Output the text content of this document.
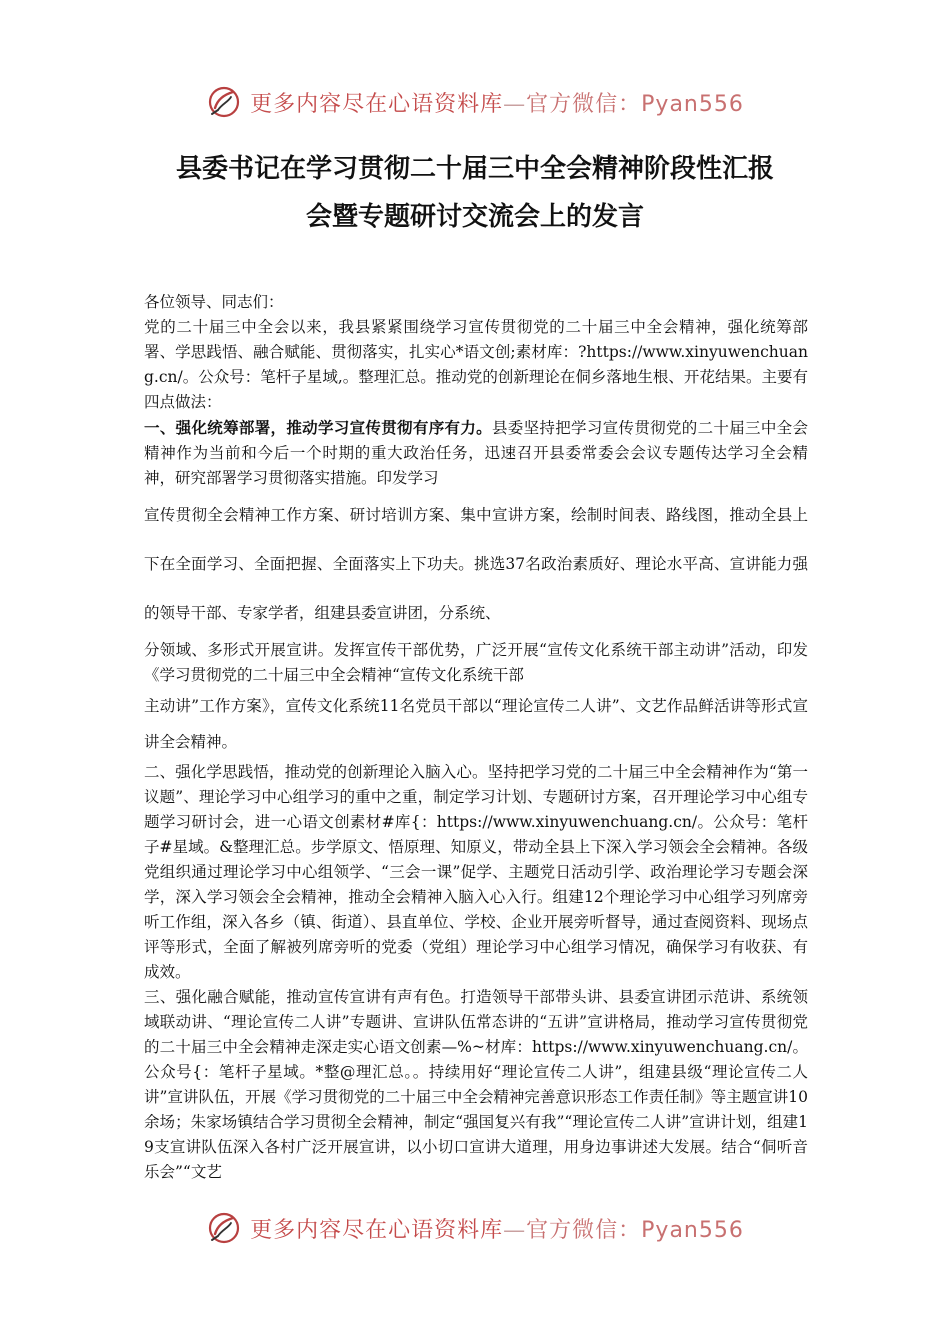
更多内容尽在心语资料库—官方微信：Pyan556
县委书记在学习贯彻二十届三中全会精神阶段性汇报
会暨专题研讨交流会上的发言

各位领导、同志们：

党的二十届三中全会以来，我县紧紧围绕学习宣传贯彻党的二十届三中全会精神，强化统筹部署、学思践悟、融合赋能、贯彻落实，扎实心*语文创;素材库：?https://www.xinyuwenchuang.cn/。公众号：笔杆子星域,。整理汇总。推动党的创新理论在侗乡落地生根、开花结果。主要有四点做法：

一、强化统筹部署，推动学习宣传贯彻有序有力。县委坚持把学习宣传贯彻党的二十届三中全会精神作为当前和今后一个时期的重大政治任务，迅速召开县委常委会会议专题传达学习全会精神，研究部署学习贯彻落实措施。印发学习

宣传贯彻全会精神工作方案、研讨培训方案、集中宣讲方案，绘制时间表、路线图，推动全县上下在全面学习、全面把握、全面落实上下功夫。挑选37名政治素质好、理论水平高、宣讲能力强的领导干部、专家学者，组建县委宣讲团，分系统、

分领域、多形式开展宣讲。发挥宣传干部优势，广泛开展“宣传文化系统干部主动讲”活动，印发《学习贯彻党的二十届三中全会精神“宣传文化系统干部

主动讲”工作方案》，宣传文化系统11名党员干部以“理论宣传二人讲”、文艺作品鲜活讲等形式宣讲全会精神。

二、强化学思践悟，推动党的创新理论入脑入心。坚持把学习党的二十届三中全会精神作为“第一议题”、理论学习中心组学习的重中之重，制定学习计划、专题研讨方案，召开理论学习中心组专题学习研讨会，进一心语文创素材#库{：https://www.xinyuwenchuang.cn/。公众号：笔杆子#星域。&整理汇总。步学原文、悟原理、知原义，带动全县上下深入学习领会全会精神。各级党组织通过理论学习中心组领学、“三会一课”促学、主题党日活动引学、政治理论学习专题会深学，深入学习领会全会精神，推动全会精神入脑入心入行。组建12个理论学习中心组学习列席旁听工作组，深入各乡（镇、街道）、县直单位、学校、企业开展旁听督导，通过查阅资料、现场点评等形式，全面了解被列席旁听的党委（党组）理论学习中心组学习情况，确保学习有收获、有成效。

三、强化融合赋能，推动宣传宣讲有声有色。打造领导干部带头讲、县委宣讲团示范讲、系统领域联动讲、“理论宣传二人讲”专题讲、宣讲队伍常态讲的“五讲”宣讲格局，推动学习宣传贯彻党的二十届三中全会精神走深走实心语文创素—%~材库：https://www.xinyuwenchuang.cn/。公众号{：笔杆子星域。*整@理汇总。。持续用好“理论宣传二人讲”，组建县级“理论宣传二人讲”宣讲队伍，开展《学习贯彻党的二十届三中全会精神完善意识形态工作责任制》等主题宣讲10余场；朱家场镇结合学习贯彻全会精神，制定“强国复兴有我”“理论宣传二人讲”宣讲计划，组建19支宣讲队伍深入各村广泛开展宣讲，以小切口宣讲大道理，用身边事讲述大发展。结合“侗听音乐会”“文艺

更多内容尽在心语资料库—官方微信：Pyan556
